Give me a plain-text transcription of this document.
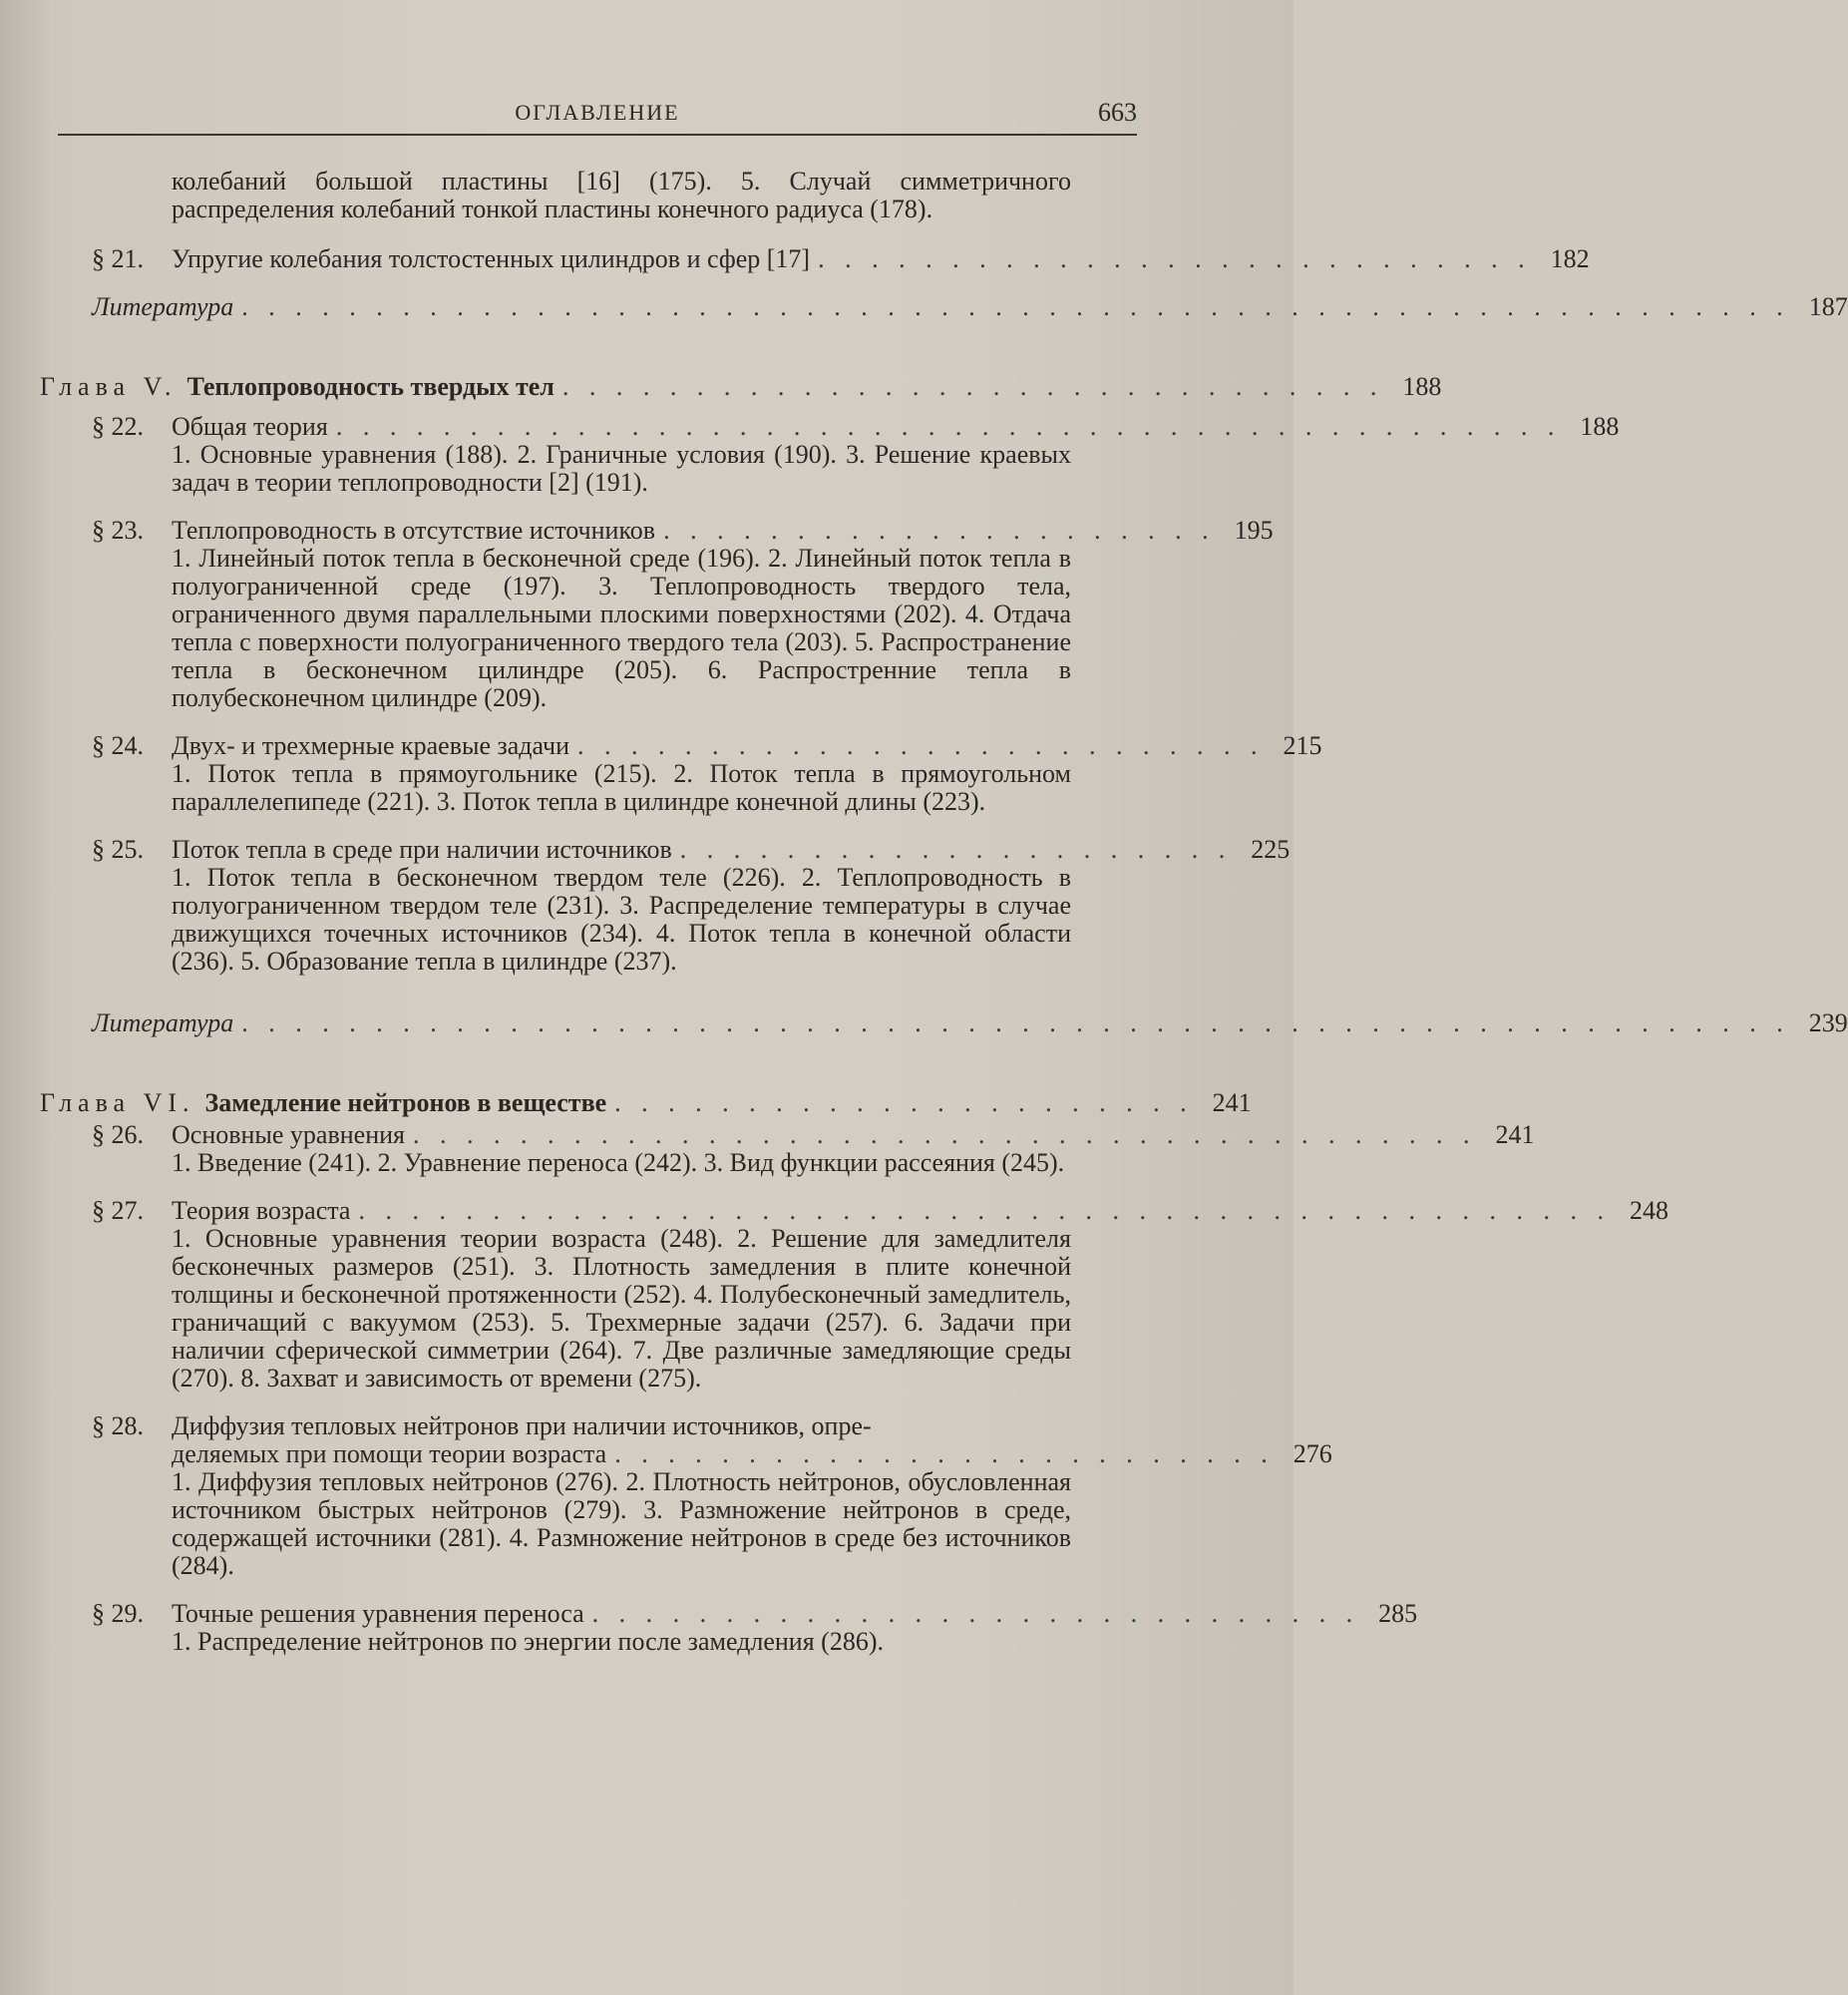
ОГЛАВЛЕНИЕ	663
колебаний большой пластины [16] (175). 5. Случай симметричного распределения колебаний тонкой пластины конечного радиуса (178).
§ 21.	Упругие колебания толстостенных цилиндров и сфер [17] . . . . . . . . . . . . . . . . . . . . . . . . . . . 182
Литература . . . . . . . . . . . . . . . . . . . . . . . . . . . . . . . . . . . . . . . . . . . . . . . . . . . . . . . . . . 187
Глава V. Теплопроводность твердых тел . . . . . . . . . . . . . . . . . . . . . . . . . . . . . . . 188
§ 22.	Общая теория . . . . . . . . . . . . . . . . . . . . . . . . . . . . . . . . . . . . . . . . . . . . . . 188
1. Основные уравнения (188). 2. Граничные условия (190). 3. Решение краевых задач в теории теплопроводности [2] (191).
§ 23.	Теплопроводность в отсутствие источников . . . . . . . . . . . . . . . . . . . . . 195
1. Линейный поток тепла в бесконечной среде (196). 2. Линейный поток тепла в полуограниченной среде (197). 3. Теплопроводность твердого тела, ограниченного двумя параллельными плоскими поверхностями (202). 4. Отдача тепла с поверхности полуограниченного твердого тела (203). 5. Распространение тепла в бесконечном цилиндре (205). 6. Распростренние тепла в полубесконечном цилиндре (209).
§ 24.	Двух- и трехмерные краевые задачи . . . . . . . . . . . . . . . . . . . . . . . . . . 215
1. Поток тепла в прямоугольнике (215). 2. Поток тепла в прямоугольном параллелепипеде (221). 3. Поток тепла в цилиндре конечной длины (223).
§ 25.	Поток тепла в среде при наличии источников . . . . . . . . . . . . . . . . . . . . . 225
1. Поток тепла в бесконечном твердом теле (226). 2. Теплопроводность в полуограниченном твердом теле (231). 3. Распределение температуры в случае движущихся точечных источников (234). 4. Поток тепла в конечной области (236). 5. Образование тепла в цилиндре (237).
Литература . . . . . . . . . . . . . . . . . . . . . . . . . . . . . . . . . . . . . . . . . . . . . . . . . . . . . . . . . . 239
Глава VI. Замедление нейтронов в веществе . . . . . . . . . . . . . . . . . . . . . . 241
§ 26.	Основные уравнения . . . . . . . . . . . . . . . . . . . . . . . . . . . . . . . . . . . . . . . . 241
1. Введение (241). 2. Уравнение переноса (242). 3. Вид функции рассеяния (245).
§ 27.	Теория возраста . . . . . . . . . . . . . . . . . . . . . . . . . . . . . . . . . . . . . . . . . . . . . . . 248
1. Основные уравнения теории возраста (248). 2. Решение для замедлителя бесконечных размеров (251). 3. Плотность замедления в плите конечной толщины и бесконечной протяженности (252). 4. Полубесконечный замедлитель, граничащий с вакуумом (253). 5. Трехмерные задачи (257). 6. Задачи при наличии сферической симметрии (264). 7. Две различные замедляющие среды (270). 8. Захват и зависимость от времени (275).
§ 28.	Диффузия тепловых нейтронов при наличии источников, опре-
деляемых при помощи теории возраста . . . . . . . . . . . . . . . . . . . . . . . . . 276
1. Диффузия тепловых нейтронов (276). 2. Плотность нейтронов, обусловленная источником быстрых нейтронов (279). 3. Размножение нейтронов в среде, содержащей источники (281). 4. Размножение нейтронов в среде без источников (284).
§ 29.	Точные решения уравнения переноса . . . . . . . . . . . . . . . . . . . . . . . . . . . . . 285
1. Распределение нейтронов по энергии после замедления (286).
